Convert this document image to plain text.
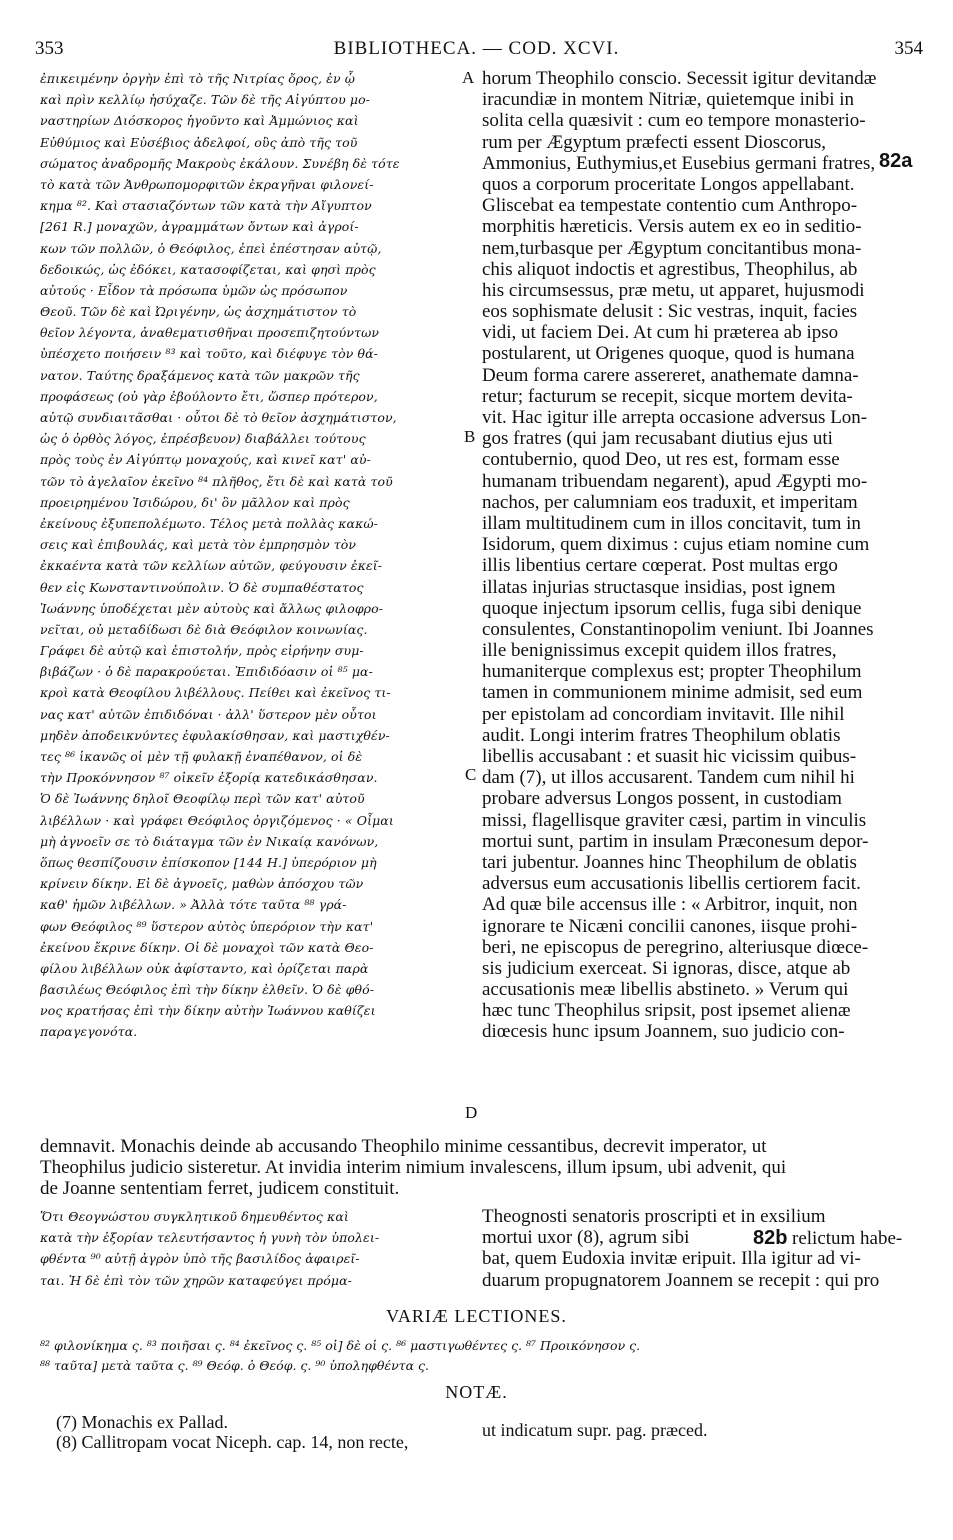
353	BIBLIOTHECA. — COD. XCVI.	354
ἐπικειμένην ὀργὴν ἐπὶ τὸ τῆς Νιτρίας ὄρος, ἐν ᾧ
καὶ πρὶν κελλίῳ ἡσύχαζε. Τῶν δὲ τῆς Αἰγύπτου μο-
ναστηρίων Διόσκορος ἡγοῦντο καὶ Ἀμμώνιος καὶ
Εὐθύμιος καὶ Εὐσέβιος ἀδελφοί, οὓς ἀπὸ τῆς τοῦ
σώματος ἀναδρομῆς Μακροὺς ἐκάλουν. Συνέβη δὲ τότε
τὸ κατὰ τῶν Ἀνθρωπομορφιτῶν ἐκραγῆναι φιλονεί-
κημα ⁸². Καὶ στασιαζόντων τῶν κατὰ τὴν Αἴγυπτον
[261 R.] μοναχῶν, ἀγραμμάτων ὄντων καὶ ἀγροί-
κων τῶν πολλῶν, ὁ Θεόφιλος, ἐπεὶ ἐπέστησαν αὐτῷ,
δεδοικώς, ὡς ἐδόκει, κατασοφίζεται, καὶ φησὶ πρὸς
αὐτούς · Εἶδον τὰ πρόσωπα ὑμῶν ὡς πρόσωπον
Θεοῦ. Τῶν δὲ καὶ Ὠριγένην, ὡς ἀσχημάτιστον τὸ
θεῖον λέγοντα, ἀναθεματισθῆναι προσεπιζητούντων
ὑπέσχετο ποιήσειν ⁸³ καὶ τοῦτο, καὶ διέφυγε τὸν θά-
νατον. Ταύτης δραξάμενος κατὰ τῶν μακρῶν τῆς
προφάσεως (οὐ γὰρ ἐβούλοντο ἔτι, ὥσπερ πρότερον,
αὐτῷ συνδιαιτᾶσθαι · οὗτοι δὲ τὸ θεῖον ἀσχημάτιστον,
ὡς ὁ ὀρθὸς λόγος, ἐπρέσβευον) διαβάλλει τούτους
πρὸς τοὺς ἐν Αἰγύπτῳ μοναχούς, καὶ κινεῖ κατ' αὐ-
τῶν τὸ ἀγελαῖον ἐκεῖνο ⁸⁴ πλῆθος, ἔτι δὲ καὶ κατὰ τοῦ
προειρημένου Ἰσιδώρου, δι' ὃν μᾶλλον καὶ πρὸς
ἐκείνους ἐξυπεπολέμωτο. Τέλος μετὰ πολλὰς κακώ-
σεις καὶ ἐπιβουλάς, καὶ μετὰ τὸν ἐμπρησμὸν τὸν
ἐκκαέντα κατὰ τῶν κελλίων αὐτῶν, φεύγουσιν ἐκεῖ-
θεν εἰς Κωνσταντινούπολιν. Ὁ δὲ συμπαθέστατος
Ἰωάννης ὑποδέχεται μὲν αὐτοὺς καὶ ἄλλως φιλοφρο-
νεῖται, οὐ μεταδίδωσι δὲ διὰ Θεόφιλον κοινωνίας.
Γράφει δὲ αὐτῷ καὶ ἐπιστολήν, πρὸς εἰρήνην συμ-
βιβάζων · ὁ δὲ παρακρούεται. Ἐπιδιδόασιν οἱ ⁸⁵ μα-
κροὶ κατὰ Θεοφίλου λιβέλλους. Πείθει καὶ ἐκεῖνος τι-
νας κατ' αὐτῶν ἐπιδιδόναι · ἀλλ' ὕστερον μὲν οὗτοι
μηδὲν ἀποδεικνύντες ἐφυλακίσθησαν, καὶ μαστιχθέν-
τες ⁸⁶ ἱκανῶς οἱ μὲν τῇ φυλακῇ ἐναπέθανον, οἱ δὲ
τὴν Προκόννησον ⁸⁷ οἰκεῖν ἐξορίᾳ κατεδικάσθησαν.
Ὁ δὲ Ἰωάννης δηλοῖ Θεοφίλῳ περὶ τῶν κατ' αὐτοῦ
λιβέλλων · καὶ γράφει Θεόφιλος ὀργιζόμενος · « Οἶμαι
μὴ ἀγνοεῖν σε τὸ διάταγμα τῶν ἐν Νικαίᾳ κανόνων,
ὅπως θεσπίζουσιν ἐπίσκοπον [144 H.] ὑπερόριον μὴ
κρίνειν δίκην. Εἰ δὲ ἀγνοεῖς, μαθὼν ἀπόσχου τῶν
καθ' ἡμῶν λιβέλλων. » Ἀλλὰ τότε ταῦτα ⁸⁸ γρά-
φων Θεόφιλος ⁸⁹ ὕστερον αὐτὸς ὑπερόριον τὴν κατ'
ἐκείνου ἔκρινε δίκην. Οἱ δὲ μοναχοὶ τῶν κατὰ Θεο-
φίλου λιβέλλων οὐκ ἀφίσταντο, καὶ ὁρίζεται παρὰ
βασιλέως Θεόφιλος ἐπὶ τὴν δίκην ἐλθεῖν. Ὁ δὲ φθό-
νος κρατήσας ἐπὶ τὴν δίκην αὐτὴν Ἰωάννου καθίζει
παραγεγονότα.
horum Theophilo conscio. Secessit igitur devitandæ
iracundiæ in montem Nitriæ, quietemque inibi in
solita cella quæsivit : cum eo tempore monasterio-
rum per Ægyptum præfecti essent Dioscorus,
Ammonius, Euthymius,et Eusebius germani fratres,
quos a corporum proceritate Longos appellabant.
Gliscebat ea tempestate contentio cum Anthropo-
morphitis hæreticis. Versis autem ex eo in seditio-
nem,turbasque per Ægyptum concitantibus mona-
chis aliquot indoctis et agrestibus, Theophilus, ab
his circumsessus, præ metu, ut apparet, hujusmodi
eos sophismate delusit : Sic vestras, inquit, facies
vidi, ut faciem Dei. At cum hi præterea ab ipso
postularent, ut Origenes quoque, quod is humana
Deum forma carere assereret, anathemate damna-
retur; facturum se recepit, sicque mortem devita-
vit. Hac igitur ille arrepta occasione adversus Lon-
gos fratres (qui jam recusabant diutius ejus uti
contubernio, quod Deo, ut res est, formam esse
humanam tribuendam negarent), apud Ægypti mo-
nachos, per calumniam eos traduxit, et imperitam
illam multitudinem cum in illos concitavit, tum in
Isidorum, quem diximus : cujus etiam nomine cum
illis libentius certare cœperat. Post multas ergo
illatas injurias structasque insidias, post ignem
quoque injectum ipsorum cellis, fuga sibi denique
consulentes, Constantinopolim veniunt. Ibi Joannes
ille benignissimus excepit quidem illos fratres,
humaniterque complexus est; propter Theophilum
tamen in communionem minime admisit, sed eum
per epistolam ad concordiam invitavit. Ille nihil
audit. Longi interim fratres Theophilum oblatis
libellis accusabant : et suasit hic vicissim quibus-
dam (7), ut illos accusarent. Tandem cum nihil hi
probare adversus Longos possent, in custodiam
missi, flagellisque graviter cæsi, partim in vinculis
mortui sunt, partim in insulam Præconesum depor-
tari jubentur. Joannes hinc Theophilum de oblatis
adversus eum accusationis libellis certiorem facit.
Ad quæ bile accensus ille : « Arbitror, inquit, non
ignorare te Nicæni concilii canones, iisque prohi-
beri, ne episcopus de peregrino, alteriusque diœce-
sis judicium exerceat. Si ignoras, disce, atque ab
accusationis meæ libellis abstineto. » Verum qui
hæc tunc Theophilus sripsit, post ipsemet alienæ
diœcesis hunc ipsum Joannem, suo judicio con-
A
B
C
D
82a
demnavit. Monachis deinde ab accusando Theophilo minime cessantibus, decrevit imperator, ut
Theophilus judicio sisteretur. At invidia interim nimium invalescens, illum ipsum, ubi advenit, qui
de Joanne sententiam ferret, judicem constituit.
Ὅτι Θεογνώστου συγκλητικοῦ δημευθέντος καὶ
κατὰ τὴν ἐξορίαν τελευτήσαντος ἡ γυνὴ τὸν ὑπολει-
φθέντα ⁹⁰ αὐτῇ ἀγρὸν ὑπὸ τῆς βασιλίδος ἀφαιρεῖ-
ται. Ἡ δὲ ἐπὶ τὸν τῶν χηρῶν καταφεύγει πρόμα-
Theognosti senatoris proscripti et in exsilium
mortui uxor (8), agrum sibi
bat, quem Eudoxia invitæ eripuit. Illa igitur ad vi-
duarum propugnatorem Joannem se recepit : qui pro
82b relictum habe-
VARIÆ LECTIONES.
⁸² φιλονίκημα ς. ⁸³ ποιῆσαι ς. ⁸⁴ ἐκεῖνος ς. ⁸⁵ οἱ] δὲ οἱ ς. ⁸⁶ μαστιγωθέντες ς. ⁸⁷ Προικόνησον ς.
⁸⁸ ταῦτα] μετὰ ταῦτα ς. ⁸⁹ Θεόφ. ὁ Θεόφ. ς. ⁹⁰ ὑποληφθέντα ς.
NOTÆ.
(7) Monachis ex Pallad.
(8) Callitropam vocat Niceph. cap. 14, non recte,
ut indicatum supr. pag. præced.
